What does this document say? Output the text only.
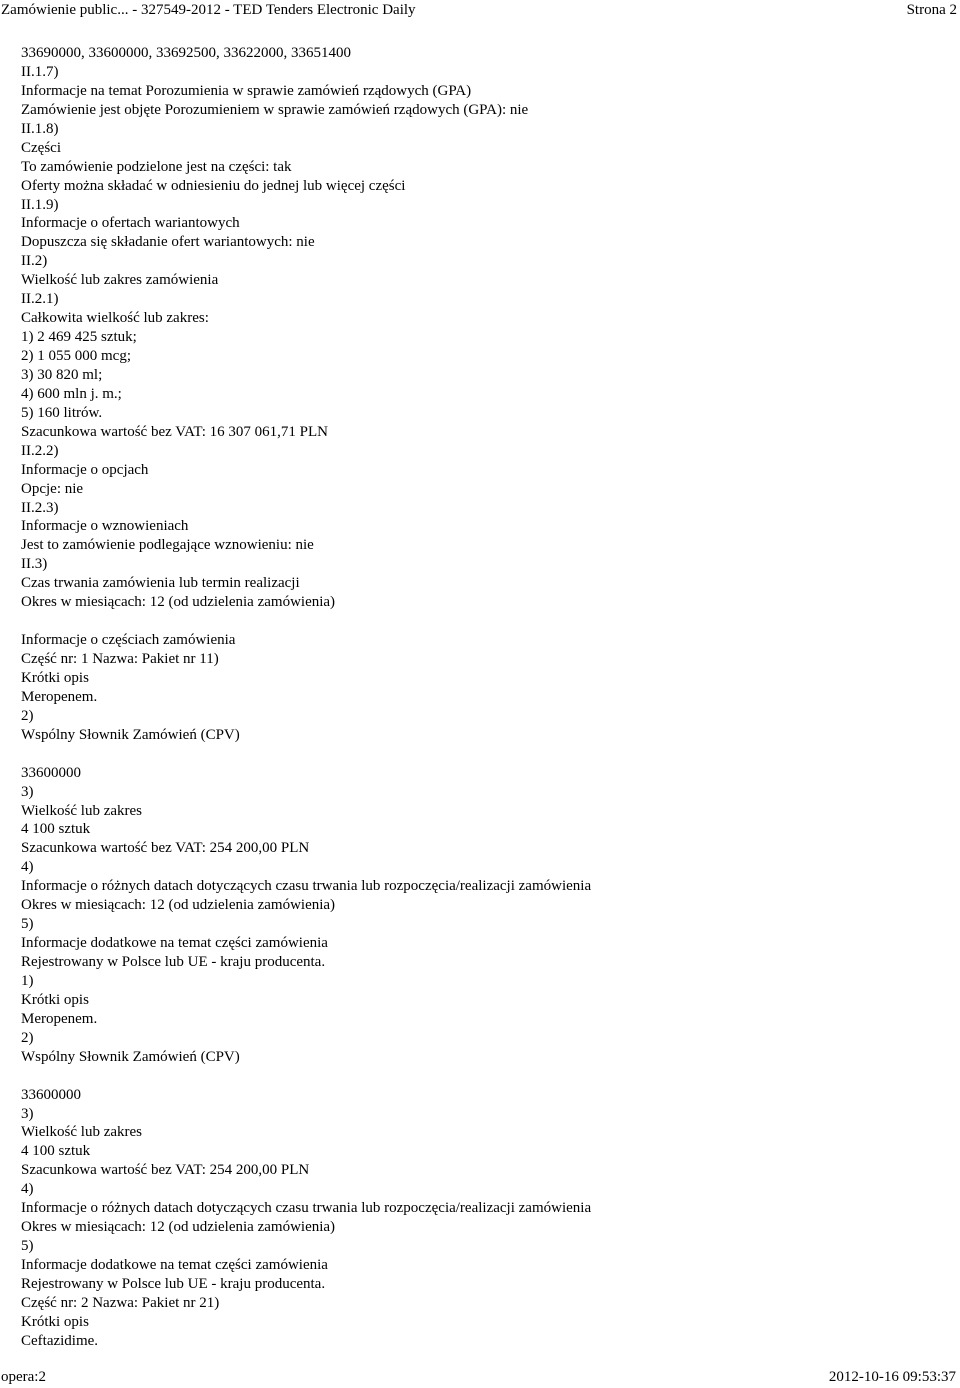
Zamówienie public... - 327549-2012 - TED Tenders Electronic Daily	Strona 2
33690000, 33600000, 33692500, 33622000, 33651400
II.1.7)
Informacje na temat Porozumienia w sprawie zamówień rządowych (GPA)
Zamówienie jest objęte Porozumieniem w sprawie zamówień rządowych (GPA): nie
II.1.8)
Części
To zamówienie podzielone jest na części: tak
Oferty można składać w odniesieniu do jednej lub więcej części
II.1.9)
Informacje o ofertach wariantowych
Dopuszcza się składanie ofert wariantowych: nie
II.2)
Wielkość lub zakres zamówienia
II.2.1)
Całkowita wielkość lub zakres:
1) 2 469 425 sztuk;
2) 1 055 000 mcg;
3) 30 820 ml;
4) 600 mln j. m.;
5) 160 litrów.
Szacunkowa wartość bez VAT: 16 307 061,71 PLN
II.2.2)
Informacje o opcjach
Opcje: nie
II.2.3)
Informacje o wznowieniach
Jest to zamówienie podlegające wznowieniu: nie
II.3)
Czas trwania zamówienia lub termin realizacji
Okres w miesiącach: 12 (od udzielenia zamówienia)
Informacje o częściach zamówienia
Część nr: 1 Nazwa: Pakiet nr 11)
Krótki opis
Meropenem.
2)
Wspólny Słownik Zamówień (CPV)
33600000
3)
Wielkość lub zakres
4 100 sztuk
Szacunkowa wartość bez VAT: 254 200,00 PLN
4)
Informacje o różnych datach dotyczących czasu trwania lub rozpoczęcia/realizacji zamówienia
Okres w miesiącach: 12 (od udzielenia zamówienia)
5)
Informacje dodatkowe na temat części zamówienia
Rejestrowany w Polsce lub UE - kraju producenta.
1)
Krótki opis
Meropenem.
2)
Wspólny Słownik Zamówień (CPV)
33600000
3)
Wielkość lub zakres
4 100 sztuk
Szacunkowa wartość bez VAT: 254 200,00 PLN
4)
Informacje o różnych datach dotyczących czasu trwania lub rozpoczęcia/realizacji zamówienia
Okres w miesiącach: 12 (od udzielenia zamówienia)
5)
Informacje dodatkowe na temat części zamówienia
Rejestrowany w Polsce lub UE - kraju producenta.
Część nr: 2 Nazwa: Pakiet nr 21)
Krótki opis
Ceftazidime.
opera:2	2012-10-16 09:53:37
